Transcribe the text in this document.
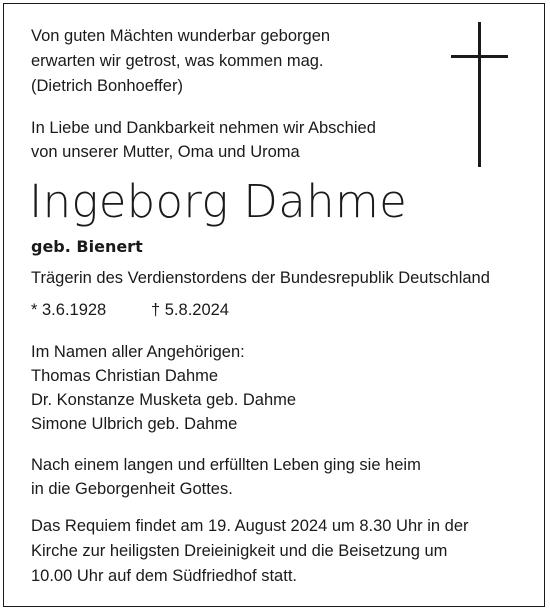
Von guten Mächten wunderbar geborgen

erwarten wir getrost, was kommen mag.

(Dietrich Bonhoeffer)

In Liebe und Dankbarkeit nehmen wir Abschied

von unserer Mutter, Oma und Uroma

Ingeborg Dahme

geb. Bienert

Trägerin des Verdienstordens der Bundesrepublik Deutschland

* 3.6.1928	† 5.8.2024

Im Namen aller Angehörigen:

Thomas Christian Dahme

Dr. Konstanze Musketa geb. Dahme

Simone Ulbrich geb. Dahme

Nach einem langen und erfüllten Leben ging sie heim

in die Geborgenheit Gottes.

Das Requiem findet am 19. August 2024 um 8.30 Uhr in der

Kirche zur heiligsten Dreieinigkeit und die Beisetzung um

10.00 Uhr auf dem Südfriedhof statt.
